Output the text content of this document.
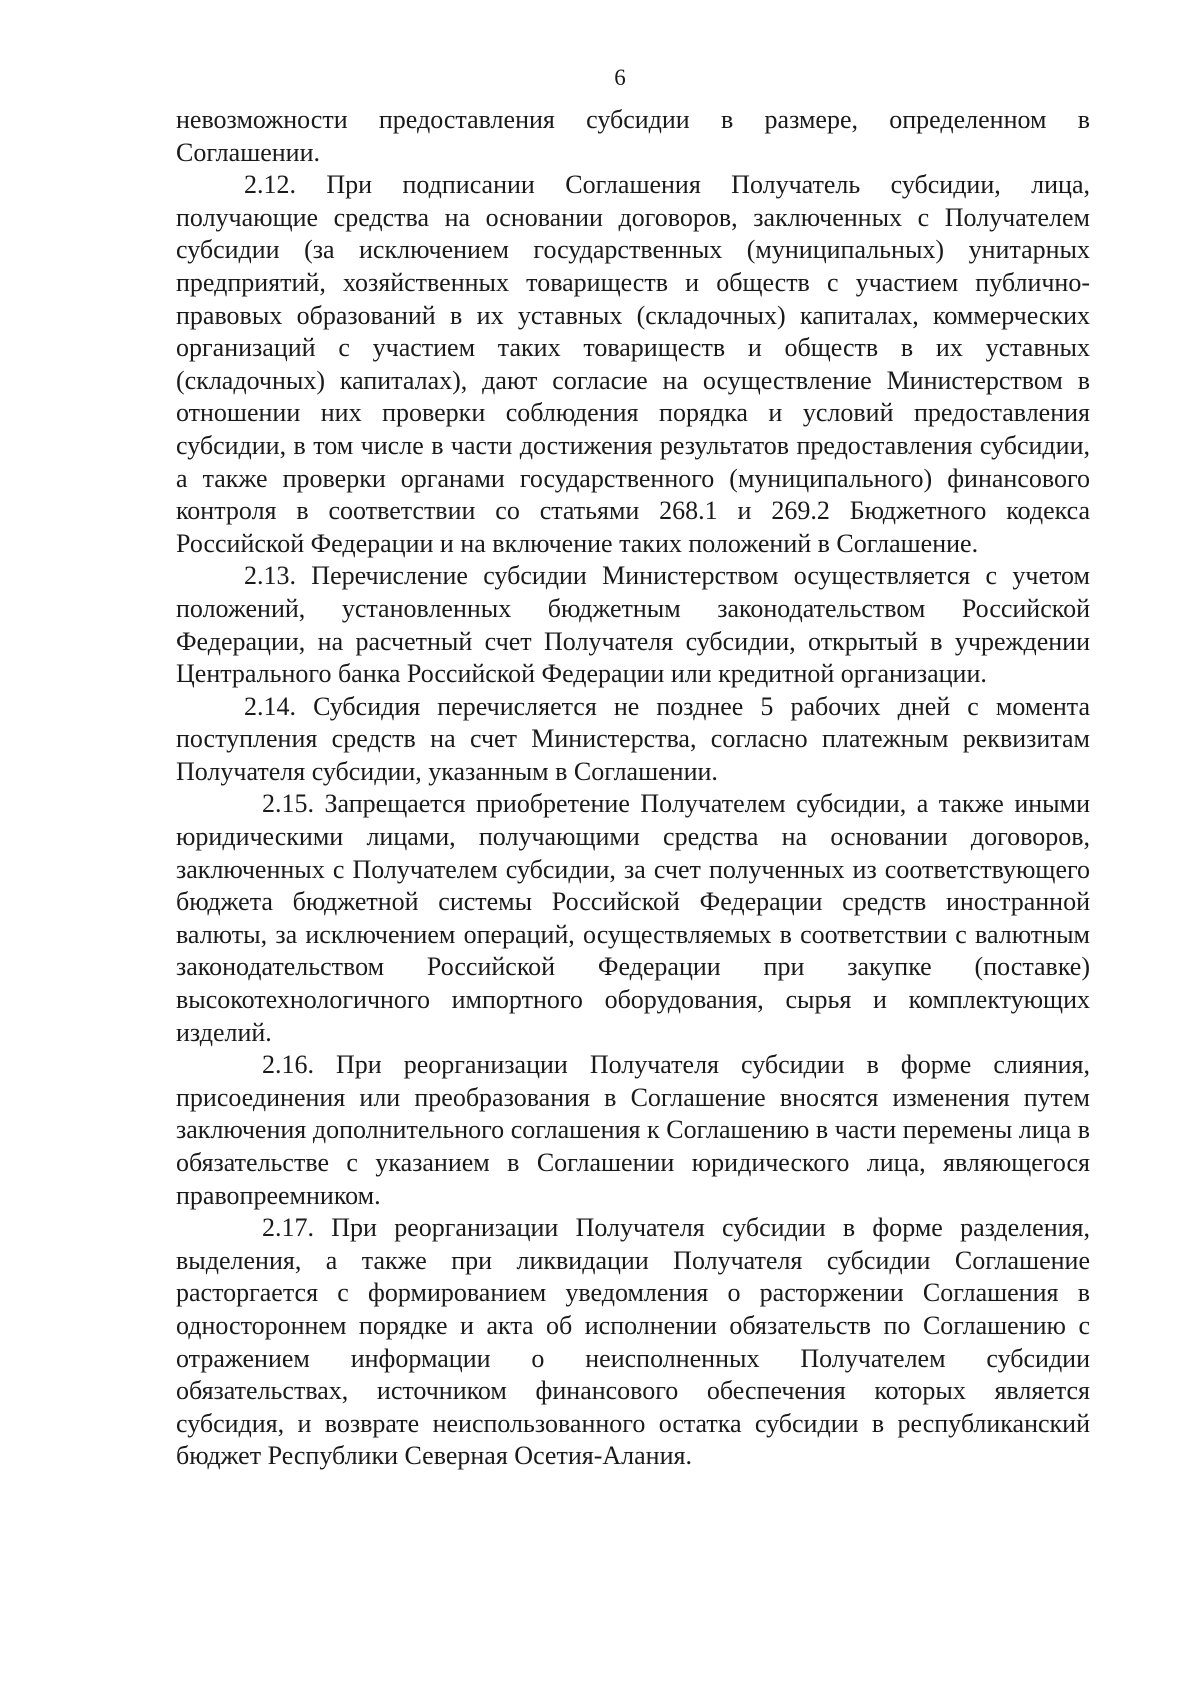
6

невозможности предоставления субсидии в размере, определенном в Соглашении.

2.12. При подписании Соглашения Получатель субсидии, лица, получающие средства на основании договоров, заключенных с Получателем субсидии (за исключением государственных (муниципальных) унитарных предприятий, хозяйственных товариществ и обществ с участием публично-правовых образований в их уставных (складочных) капиталах, коммерческих организаций с участием таких товариществ и обществ в их уставных (складочных) капиталах), дают согласие на осуществление Министерством в отношении них проверки соблюдения порядка и условий предоставления субсидии, в том числе в части достижения результатов предоставления субсидии, а также проверки органами государственного (муниципального) финансового контроля в соответствии со статьями 268.1 и 269.2 Бюджетного кодекса Российской Федерации и на включение таких положений в Соглашение.

2.13. Перечисление субсидии Министерством осуществляется с учетом положений, установленных бюджетным законодательством Российской Федерации, на расчетный счет Получателя субсидии, открытый в учреждении Центрального банка Российской Федерации или кредитной организации.

2.14. Субсидия перечисляется не позднее 5 рабочих дней с момента поступления средств на счет Министерства, согласно платежным реквизитам Получателя субсидии, указанным в Соглашении.

2.15. Запрещается приобретение Получателем субсидии, а также иными юридическими лицами, получающими средства на основании договоров, заключенных с Получателем субсидии, за счет полученных из соответствующего бюджета бюджетной системы Российской Федерации средств иностранной валюты, за исключением операций, осуществляемых в соответствии с валютным законодательством Российской Федерации при закупке (поставке) высокотехнологичного импортного оборудования, сырья и комплектующих изделий.

2.16. При реорганизации Получателя субсидии в форме слияния, присоединения или преобразования в Соглашение вносятся изменения путем заключения дополнительного соглашения к Соглашению в части перемены лица в обязательстве с указанием в Соглашении юридического лица, являющегося правопреемником.

2.17. При реорганизации Получателя субсидии в форме разделения, выделения, а также при ликвидации Получателя субсидии Соглашение расторгается с формированием уведомления о расторжении Соглашения в одностороннем порядке и акта об исполнении обязательств по Соглашению с отражением информации о неисполненных Получателем субсидии обязательствах, источником финансового обеспечения которых является субсидия, и возврате неиспользованного остатка субсидии в республиканский бюджет Республики Северная Осетия-Алания.
